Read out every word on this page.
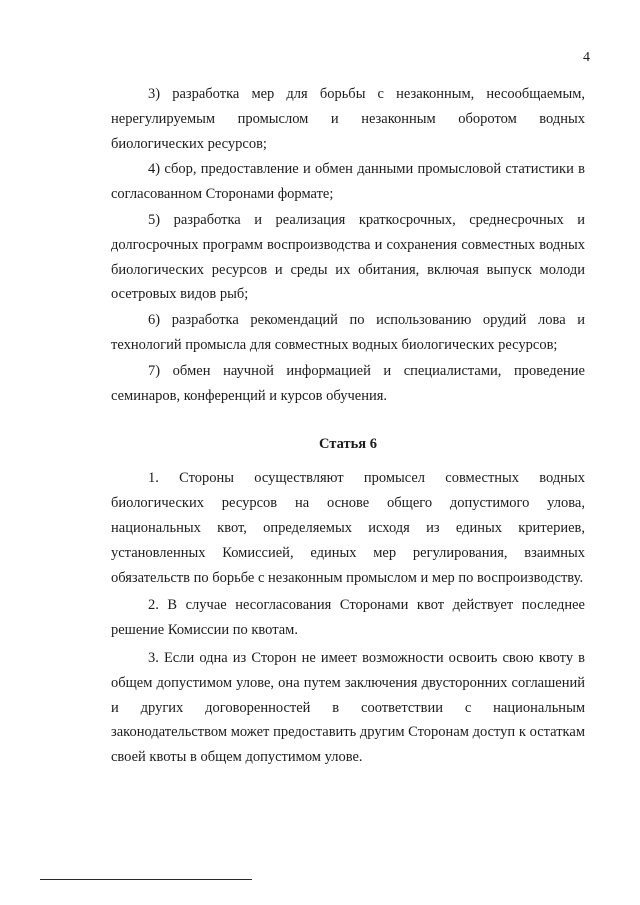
4

3) разработка мер для борьбы с незаконным, несообщаемым, нерегулируемым промыслом и незаконным оборотом водных биологических ресурсов;

4) сбор, предоставление и обмен данными промысловой статистики в согласованном Сторонами формате;

5) разработка и реализация краткосрочных, среднесрочных и долгосрочных программ воспроизводства и сохранения совместных водных биологических ресурсов и среды их обитания, включая выпуск молоди осетровых видов рыб;

6) разработка рекомендаций по использованию орудий лова и технологий промысла для совместных водных биологических ресурсов;

7) обмен научной информацией и специалистами, проведение семинаров, конференций и курсов обучения.

Статья 6

1. Стороны осуществляют промысел совместных водных биологических ресурсов на основе общего допустимого улова, национальных квот, определяемых исходя из единых критериев, установленных Комиссией, единых мер регулирования, взаимных обязательств по борьбе с незаконным промыслом и мер по воспроизводству.

2. В случае несогласования Сторонами квот действует последнее решение Комиссии по квотам.

3. Если одна из Сторон не имеет возможности освоить свою квоту в общем допустимом улове, она путем заключения двусторонних соглашений и других договоренностей в соответствии с национальным законодательством может предоставить другим Сторонам доступ к остаткам своей квоты в общем допустимом улове.
